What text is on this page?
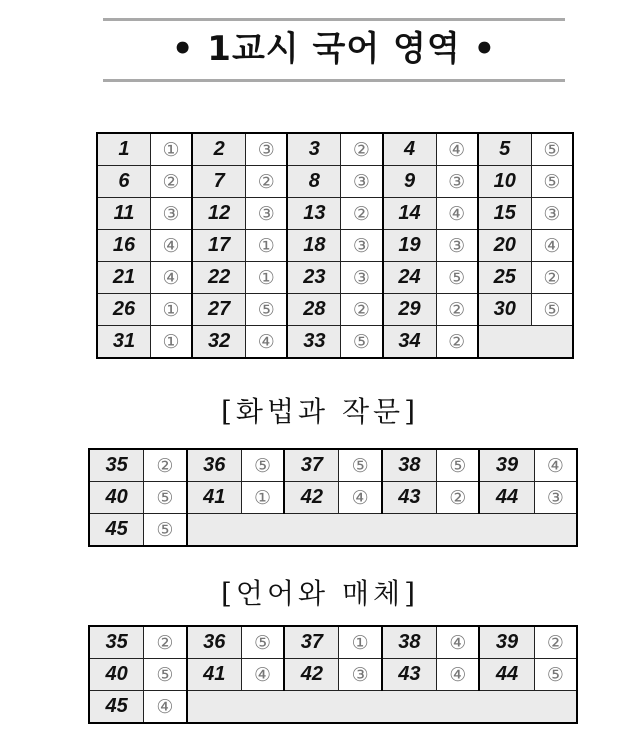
• 1교시 국어 영역 •
1	①	2	③	3	②	4	④	5	⑤
6	②	7	②	8	③	9	③	10	⑤
11	③	12	③	13	②	14	④	15	③
16	④	17	①	18	③	19	③	20	④
21	④	22	①	23	③	24	⑤	25	②
26	①	27	⑤	28	②	29	②	30	⑤
31	①	32	④	33	⑤	34	②		
[화법과 작문]
35	②	36	⑤	37	⑤	38	⑤	39	④
40	⑤	41	①	42	④	43	②	44	③
45	⑤								
[언어와 매체]
35	②	36	⑤	37	①	38	④	39	②
40	⑤	41	④	42	③	43	④	44	⑤
45	④								
